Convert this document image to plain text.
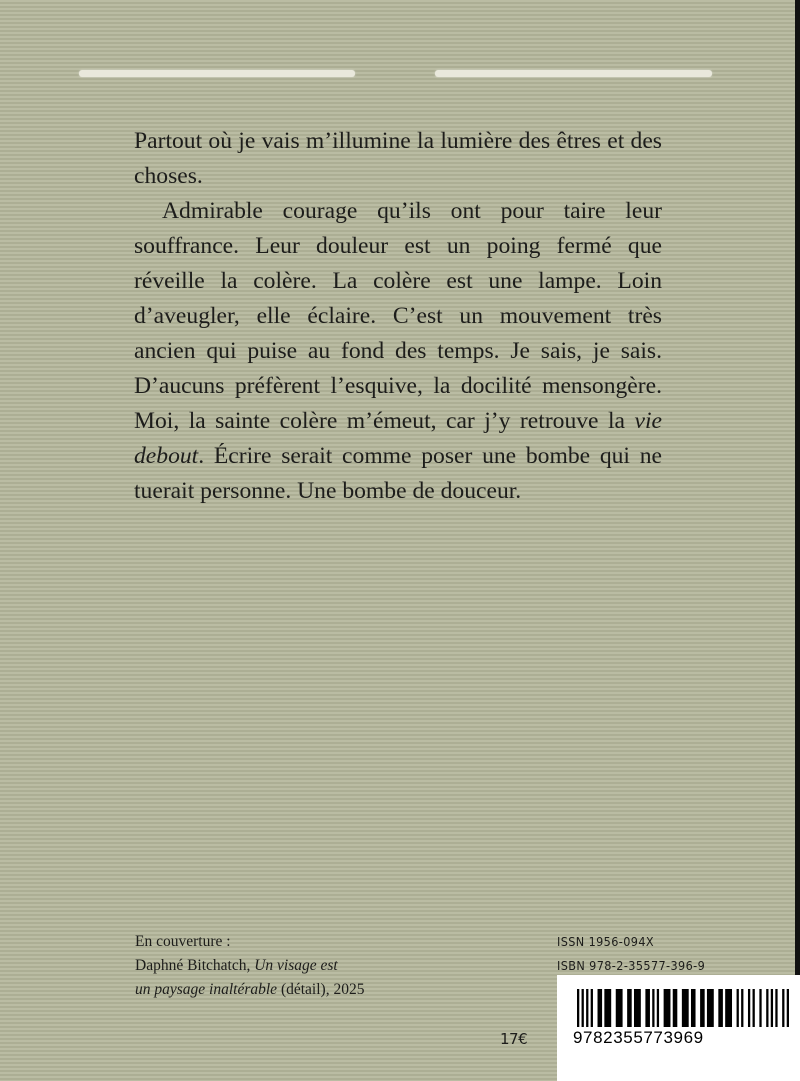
Partout où je vais m’illumine la lumière des êtres et des choses.

Admirable courage qu’ils ont pour taire leur souffrance. Leur douleur est un poing fermé que réveille la colère. La colère est une lampe. Loin d’aveugler, elle éclaire. C’est un mouvement très ancien qui puise au fond des temps. Je sais, je sais. D’aucuns préfèrent l’esquive, la docilité mensongère. Moi, la sainte colère m’émeut, car j’y retrouve la vie debout. Écrire serait comme poser une bombe qui ne tuerait personne. Une bombe de douceur.

En couverture :
Daphné Bitchatch, Un visage est
un paysage inaltérable (détail), 2025
ISSN 1956-094X
ISBN 978-2-35577-396-9
17€	9782355773969
